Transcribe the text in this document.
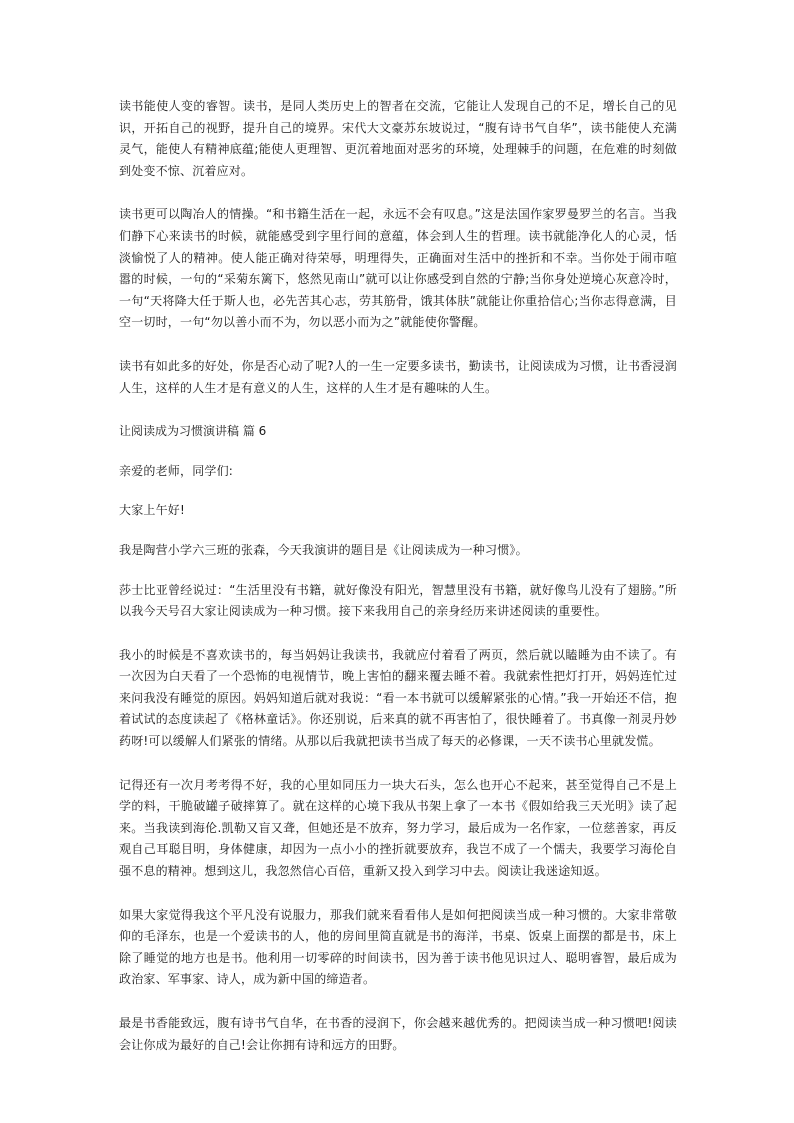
读书能使人变的睿智。读书，是同人类历史上的智者在交流，它能让人发现自己的不足，增长自己的见识，开拓自己的视野，提升自己的境界。宋代大文豪苏东坡说过，“腹有诗书气自华”，读书能使人充满灵气，能使人有精神底蕴;能使人更理智、更沉着地面对恶劣的环境，处理棘手的问题，在危难的时刻做到处变不惊、沉着应对。

读书更可以陶冶人的情操。“和书籍生活在一起，永远不会有叹息。”这是法国作家罗曼罗兰的名言。当我们静下心来读书的时候，就能感受到字里行间的意蕴，体会到人生的哲理。读书就能净化人的心灵，恬淡愉悦了人的精神。使人能正确对待荣辱，明理得失，正确面对生活中的挫折和不幸。当你处于闹市喧嚣的时候，一句的“采菊东篱下，悠然见南山”就可以让你感受到自然的宁静;当你身处逆境心灰意冷时，一句“天将降大任于斯人也，必先苦其心志，劳其筋骨，饿其体肤”就能让你重拾信心;当你志得意满，目空一切时，一句“勿以善小而不为，勿以恶小而为之”就能使你警醒。

读书有如此多的好处，你是否心动了呢?人的一生一定要多读书，勤读书，让阅读成为习惯，让书香浸润人生，这样的人生才是有意义的人生，这样的人生才是有趣味的人生。

让阅读成为习惯演讲稿 篇 6

亲爱的老师，同学们:

大家上午好!

我是陶营小学六三班的张森，今天我演讲的题目是《让阅读成为一种习惯》。

莎士比亚曾经说过：“生活里没有书籍，就好像没有阳光，智慧里没有书籍，就好像鸟儿没有了翅膀。”所以我今天号召大家让阅读成为一种习惯。接下来我用自己的亲身经历来讲述阅读的重要性。

我小的时候是不喜欢读书的，每当妈妈让我读书，我就应付着看了两页，然后就以瞌睡为由不读了。有一次因为白天看了一个恐怖的电视情节，晚上害怕的翻来覆去睡不着。我就索性把灯打开，妈妈连忙过来问我没有睡觉的原因。妈妈知道后就对我说：“看一本书就可以缓解紧张的心情。”我一开始还不信，抱着试试的态度读起了《格林童话》。你还别说，后来真的就不再害怕了，很快睡着了。书真像一剂灵丹妙药呀!可以缓解人们紧张的情绪。从那以后我就把读书当成了每天的必修课，一天不读书心里就发慌。

记得还有一次月考考得不好，我的心里如同压力一块大石头，怎么也开心不起来，甚至觉得自己不是上学的料，干脆破罐子破摔算了。就在这样的心境下我从书架上拿了一本书《假如给我三天光明》读了起来。当我读到海伦.凯勒又盲又聋，但她还是不放弃，努力学习，最后成为一名作家，一位慈善家，再反观自己耳聪目明，身体健康，却因为一点小小的挫折就要放弃，我岂不成了一个懦夫，我要学习海伦自强不息的精神。想到这儿，我忽然信心百倍，重新又投入到学习中去。阅读让我迷途知返。

如果大家觉得我这个平凡没有说服力，那我们就来看看伟人是如何把阅读当成一种习惯的。大家非常敬仰的毛泽东，也是一个爱读书的人，他的房间里简直就是书的海洋，书桌、饭桌上面摆的都是书，床上除了睡觉的地方也是书。他利用一切零碎的时间读书，因为善于读书他见识过人、聪明睿智，最后成为政治家、军事家、诗人，成为新中国的缔造者。

最是书香能致远，腹有诗书气自华，在书香的浸润下，你会越来越优秀的。把阅读当成一种习惯吧!阅读会让你成为最好的自己!会让你拥有诗和远方的田野。
